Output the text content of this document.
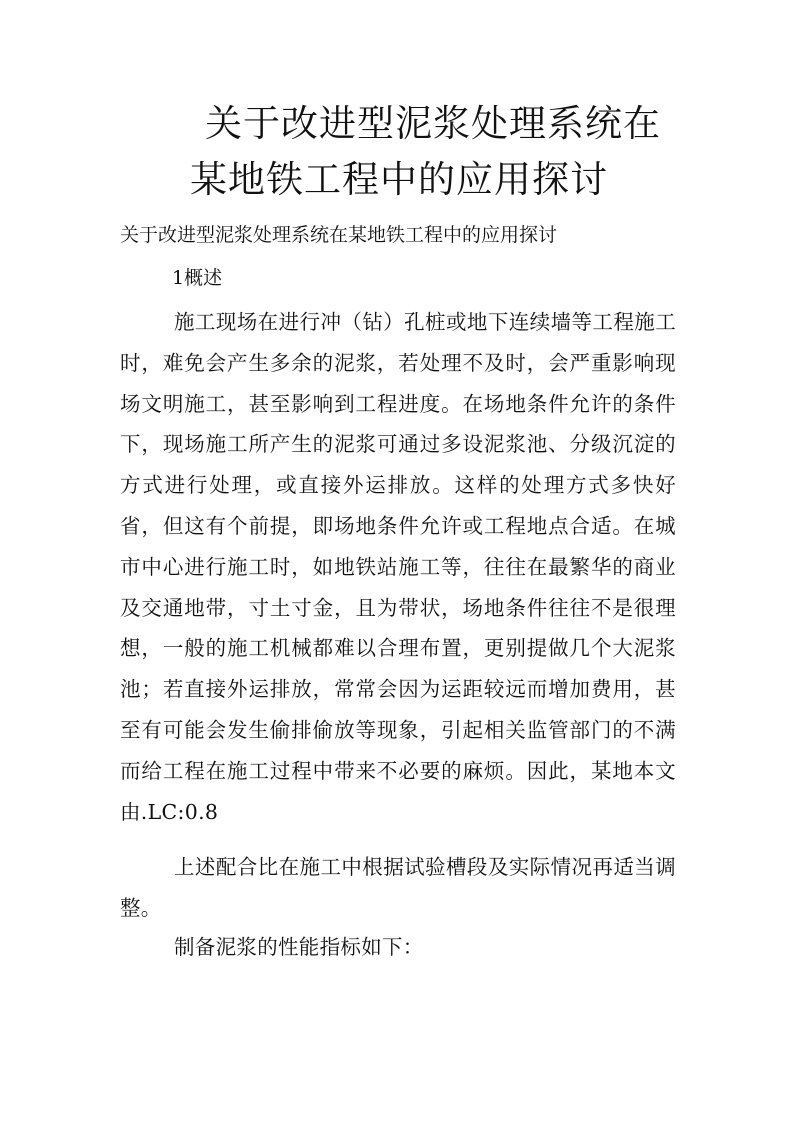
关于改进型泥浆处理系统在
某地铁工程中的应用探讨

关于改进型泥浆处理系统在某地铁工程中的应用探讨

1概述

施工现场在进行冲（钻）孔桩或地下连续墙等工程施工时，难免会产生多余的泥浆，若处理不及时，会严重影响现场文明施工，甚至影响到工程进度。在场地条件允许的条件下，现场施工所产生的泥浆可通过多设泥浆池、分级沉淀的方式进行处理，或直接外运排放。这样的处理方式多快好省，但这有个前提，即场地条件允许或工程地点合适。在城市中心进行施工时，如地铁站施工等，往往在最繁华的商业及交通地带，寸土寸金，且为带状，场地条件往往不是很理想，一般的施工机械都难以合理布置，更别提做几个大泥浆池；若直接外运排放，常常会因为运距较远而增加费用，甚至有可能会发生偷排偷放等现象，引起相关监管部门的不满而给工程在施工过程中带来不必要的麻烦。因此，某地本文由.LC:0.8

上述配合比在施工中根据试验槽段及实际情况再适当调整。

制备泥浆的性能指标如下：
